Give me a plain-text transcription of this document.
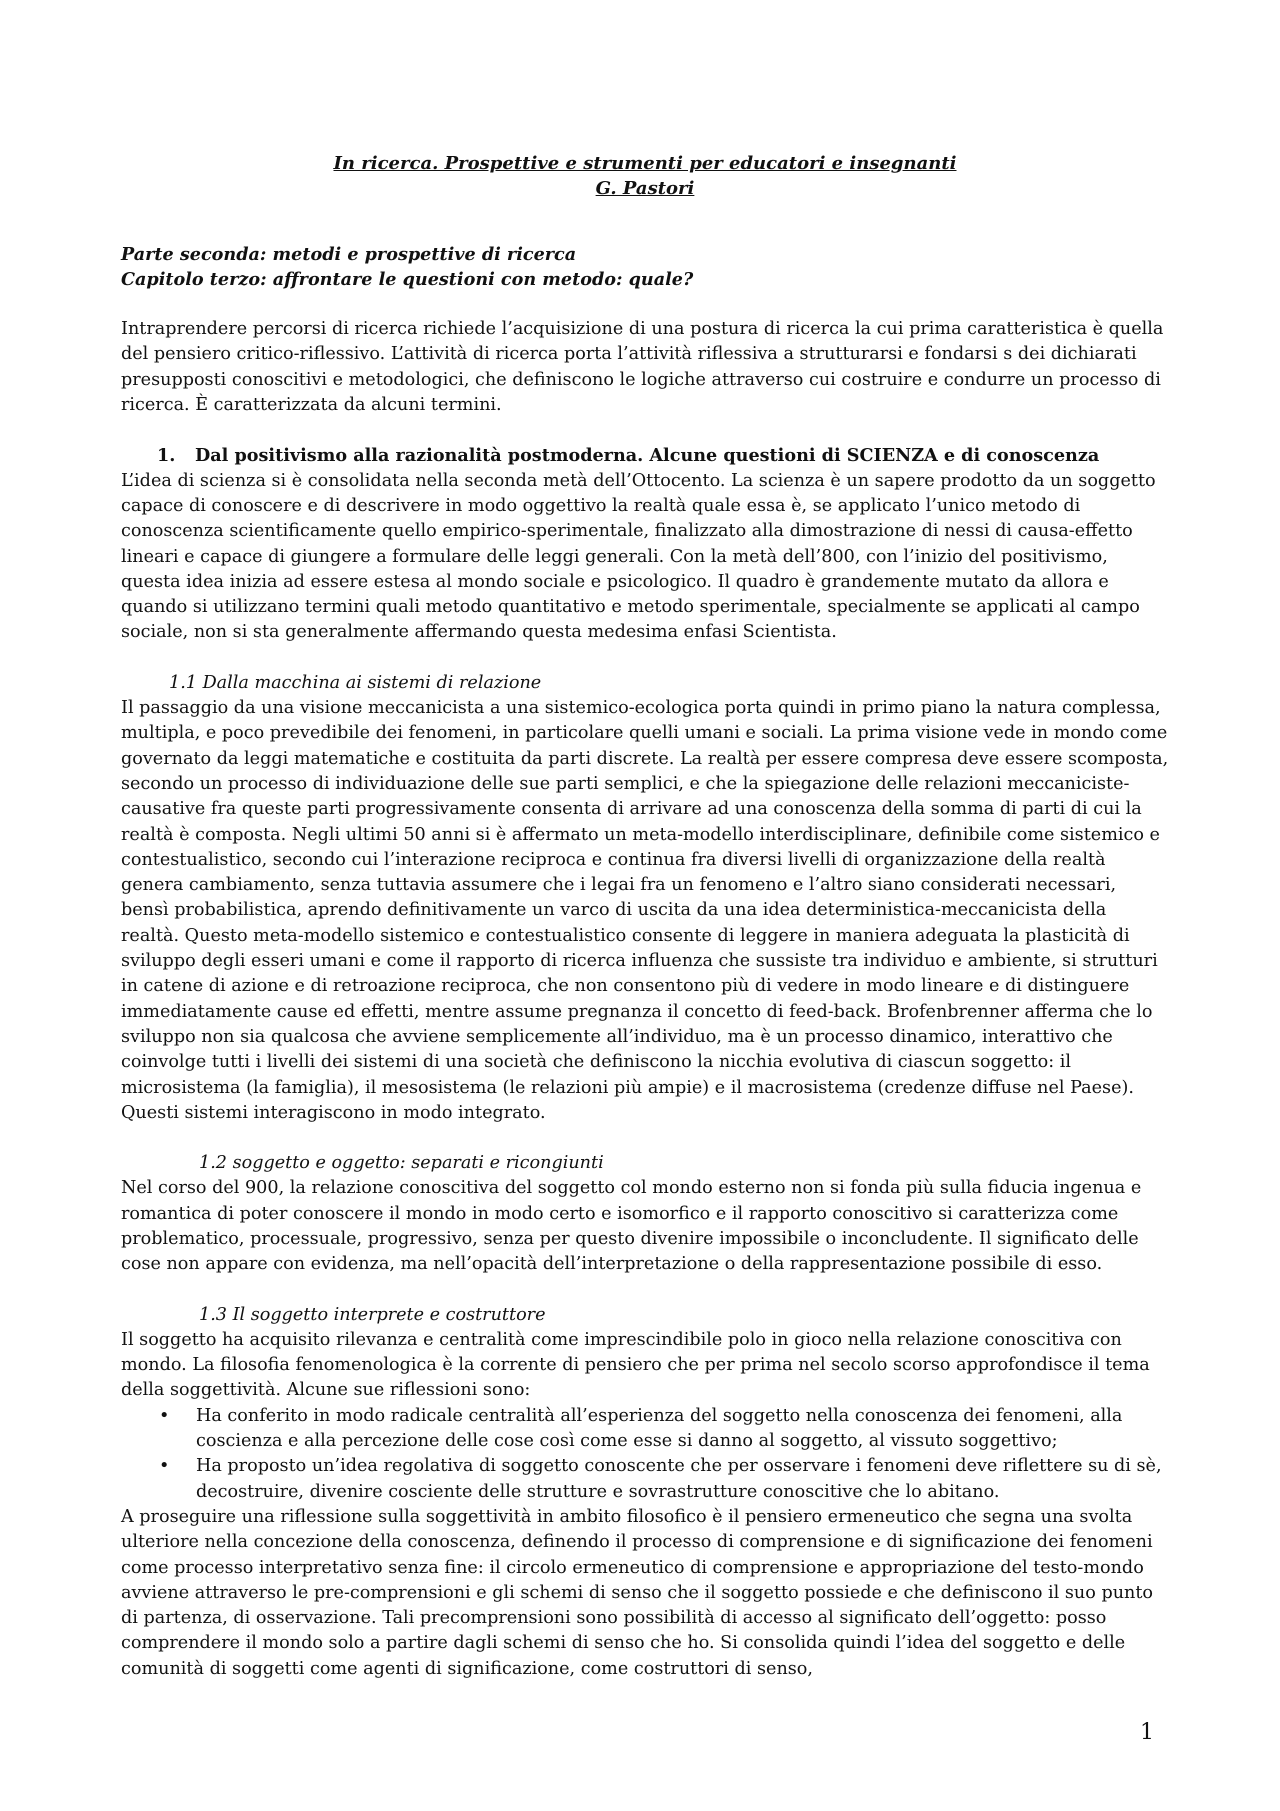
In ricerca. Prospettive e strumenti per educatori e insegnanti
G. Pastori
Parte seconda: metodi e prospettive di ricerca
Capitolo terzo: affrontare le questioni con metodo: quale?

Intraprendere percorsi di ricerca richiede l’acquisizione di una postura di ricerca la cui prima caratteristica è quella del pensiero critico-riflessivo. L’attività di ricerca porta l’attività riflessiva a strutturarsi e fondarsi s dei dichiarati presupposti conoscitivi e metodologici, che definiscono le logiche attraverso cui costruire e condurre un processo di ricerca. È caratterizzata da alcuni termini.

1.	Dal positivismo alla razionalità postmoderna. Alcune questioni di SCIENZA e di conoscenza

L’idea di scienza si è consolidata nella seconda metà dell’Ottocento. La scienza è un sapere prodotto da un soggetto capace di conoscere e di descrivere in modo oggettivo la realtà quale essa è, se applicato l’unico metodo di conoscenza scientificamente quello empirico-sperimentale, finalizzato alla dimostrazione di nessi di causa-effetto lineari e capace di giungere a formulare delle leggi generali. Con la metà dell’800, con l’inizio del positivismo, questa idea inizia ad essere estesa al mondo sociale e psicologico. Il quadro è grandemente mutato da allora e quando si utilizzano termini quali metodo quantitativo e metodo sperimentale, specialmente se applicati al campo sociale, non si sta generalmente affermando questa medesima enfasi Scientista.

1.1 Dalla macchina ai sistemi di relazione

Il passaggio da una visione meccanicista a una sistemico-ecologica porta quindi in primo piano la natura complessa, multipla, e poco prevedibile dei fenomeni, in particolare quelli umani e sociali. La prima visione vede in mondo come governato da leggi matematiche e costituita da parti discrete. La realtà per essere compresa deve essere scomposta, secondo un processo di individuazione delle sue parti semplici, e che la spiegazione delle relazioni meccaniciste-causative fra queste parti progressivamente consenta di arrivare ad una conoscenza della somma di parti di cui la realtà è composta. Negli ultimi 50 anni si è affermato un meta-modello interdisciplinare, definibile come sistemico e contestualistico, secondo cui l’interazione reciproca e continua fra diversi livelli di organizzazione della realtà genera cambiamento, senza tuttavia assumere che i legai fra un fenomeno e l’altro siano considerati necessari, bensì probabilistica, aprendo definitivamente un varco di uscita da una idea deterministica-meccanicista della realtà. Questo meta-modello sistemico e contestualistico consente di leggere in maniera adeguata la plasticità di sviluppo degli esseri umani e come il rapporto di ricerca influenza che sussiste tra individuo e ambiente, si strutturi in catene di azione e di retroazione reciproca, che non consentono più di vedere in modo lineare e di distinguere immediatamente cause ed effetti, mentre assume pregnanza il concetto di feed-back. Brofenbrenner afferma che lo sviluppo non sia qualcosa che avviene semplicemente all’individuo, ma è un processo dinamico, interattivo che coinvolge tutti i livelli dei sistemi di una società che definiscono la nicchia evolutiva di ciascun soggetto: il microsistema (la famiglia), il mesosistema (le relazioni più ampie) e il macrosistema (credenze diffuse nel Paese). Questi sistemi interagiscono in modo integrato.

1.2 soggetto e oggetto: separati e ricongiunti

Nel corso del 900, la relazione conoscitiva del soggetto col mondo esterno non si fonda più sulla fiducia ingenua e romantica di poter conoscere il mondo in modo certo e isomorfico e il rapporto conoscitivo si caratterizza come problematico, processuale, progressivo, senza per questo divenire impossibile o inconcludente. Il significato delle cose non appare con evidenza, ma nell’opacità dell’interpretazione o della rappresentazione possibile di esso.

1.3 Il soggetto interprete e costruttore

Il soggetto ha acquisito rilevanza e centralità come imprescindibile polo in gioco nella relazione conoscitiva con mondo. La filosofia fenomenologica è la corrente di pensiero che per prima nel secolo scorso approfondisce il tema della soggettività. Alcune sue riflessioni sono:

•	Ha conferito in modo radicale centralità all’esperienza del soggetto nella conoscenza dei fenomeni, alla coscienza e alla percezione delle cose così come esse si danno al soggetto, al vissuto soggettivo;
•	Ha proposto un’idea regolativa di soggetto conoscente che per osservare i fenomeni deve riflettere su di sè, decostruire, divenire cosciente delle strutture e sovrastrutture conoscitive che lo abitano.

A proseguire una riflessione sulla soggettività in ambito filosofico è il pensiero ermeneutico che segna una svolta ulteriore nella concezione della conoscenza, definendo il processo di comprensione e di significazione dei fenomeni come processo interpretativo senza fine: il circolo ermeneutico di comprensione e appropriazione del testo-mondo avviene attraverso le pre-comprensioni e gli schemi di senso che il soggetto possiede e che definiscono il suo punto di partenza, di osservazione. Tali precomprensioni sono possibilità di accesso al significato dell’oggetto: posso comprendere il mondo solo a partire dagli schemi di senso che ho. Si consolida quindi l’idea del soggetto e delle comunità di soggetti come agenti di significazione, come costruttori di senso,

1
